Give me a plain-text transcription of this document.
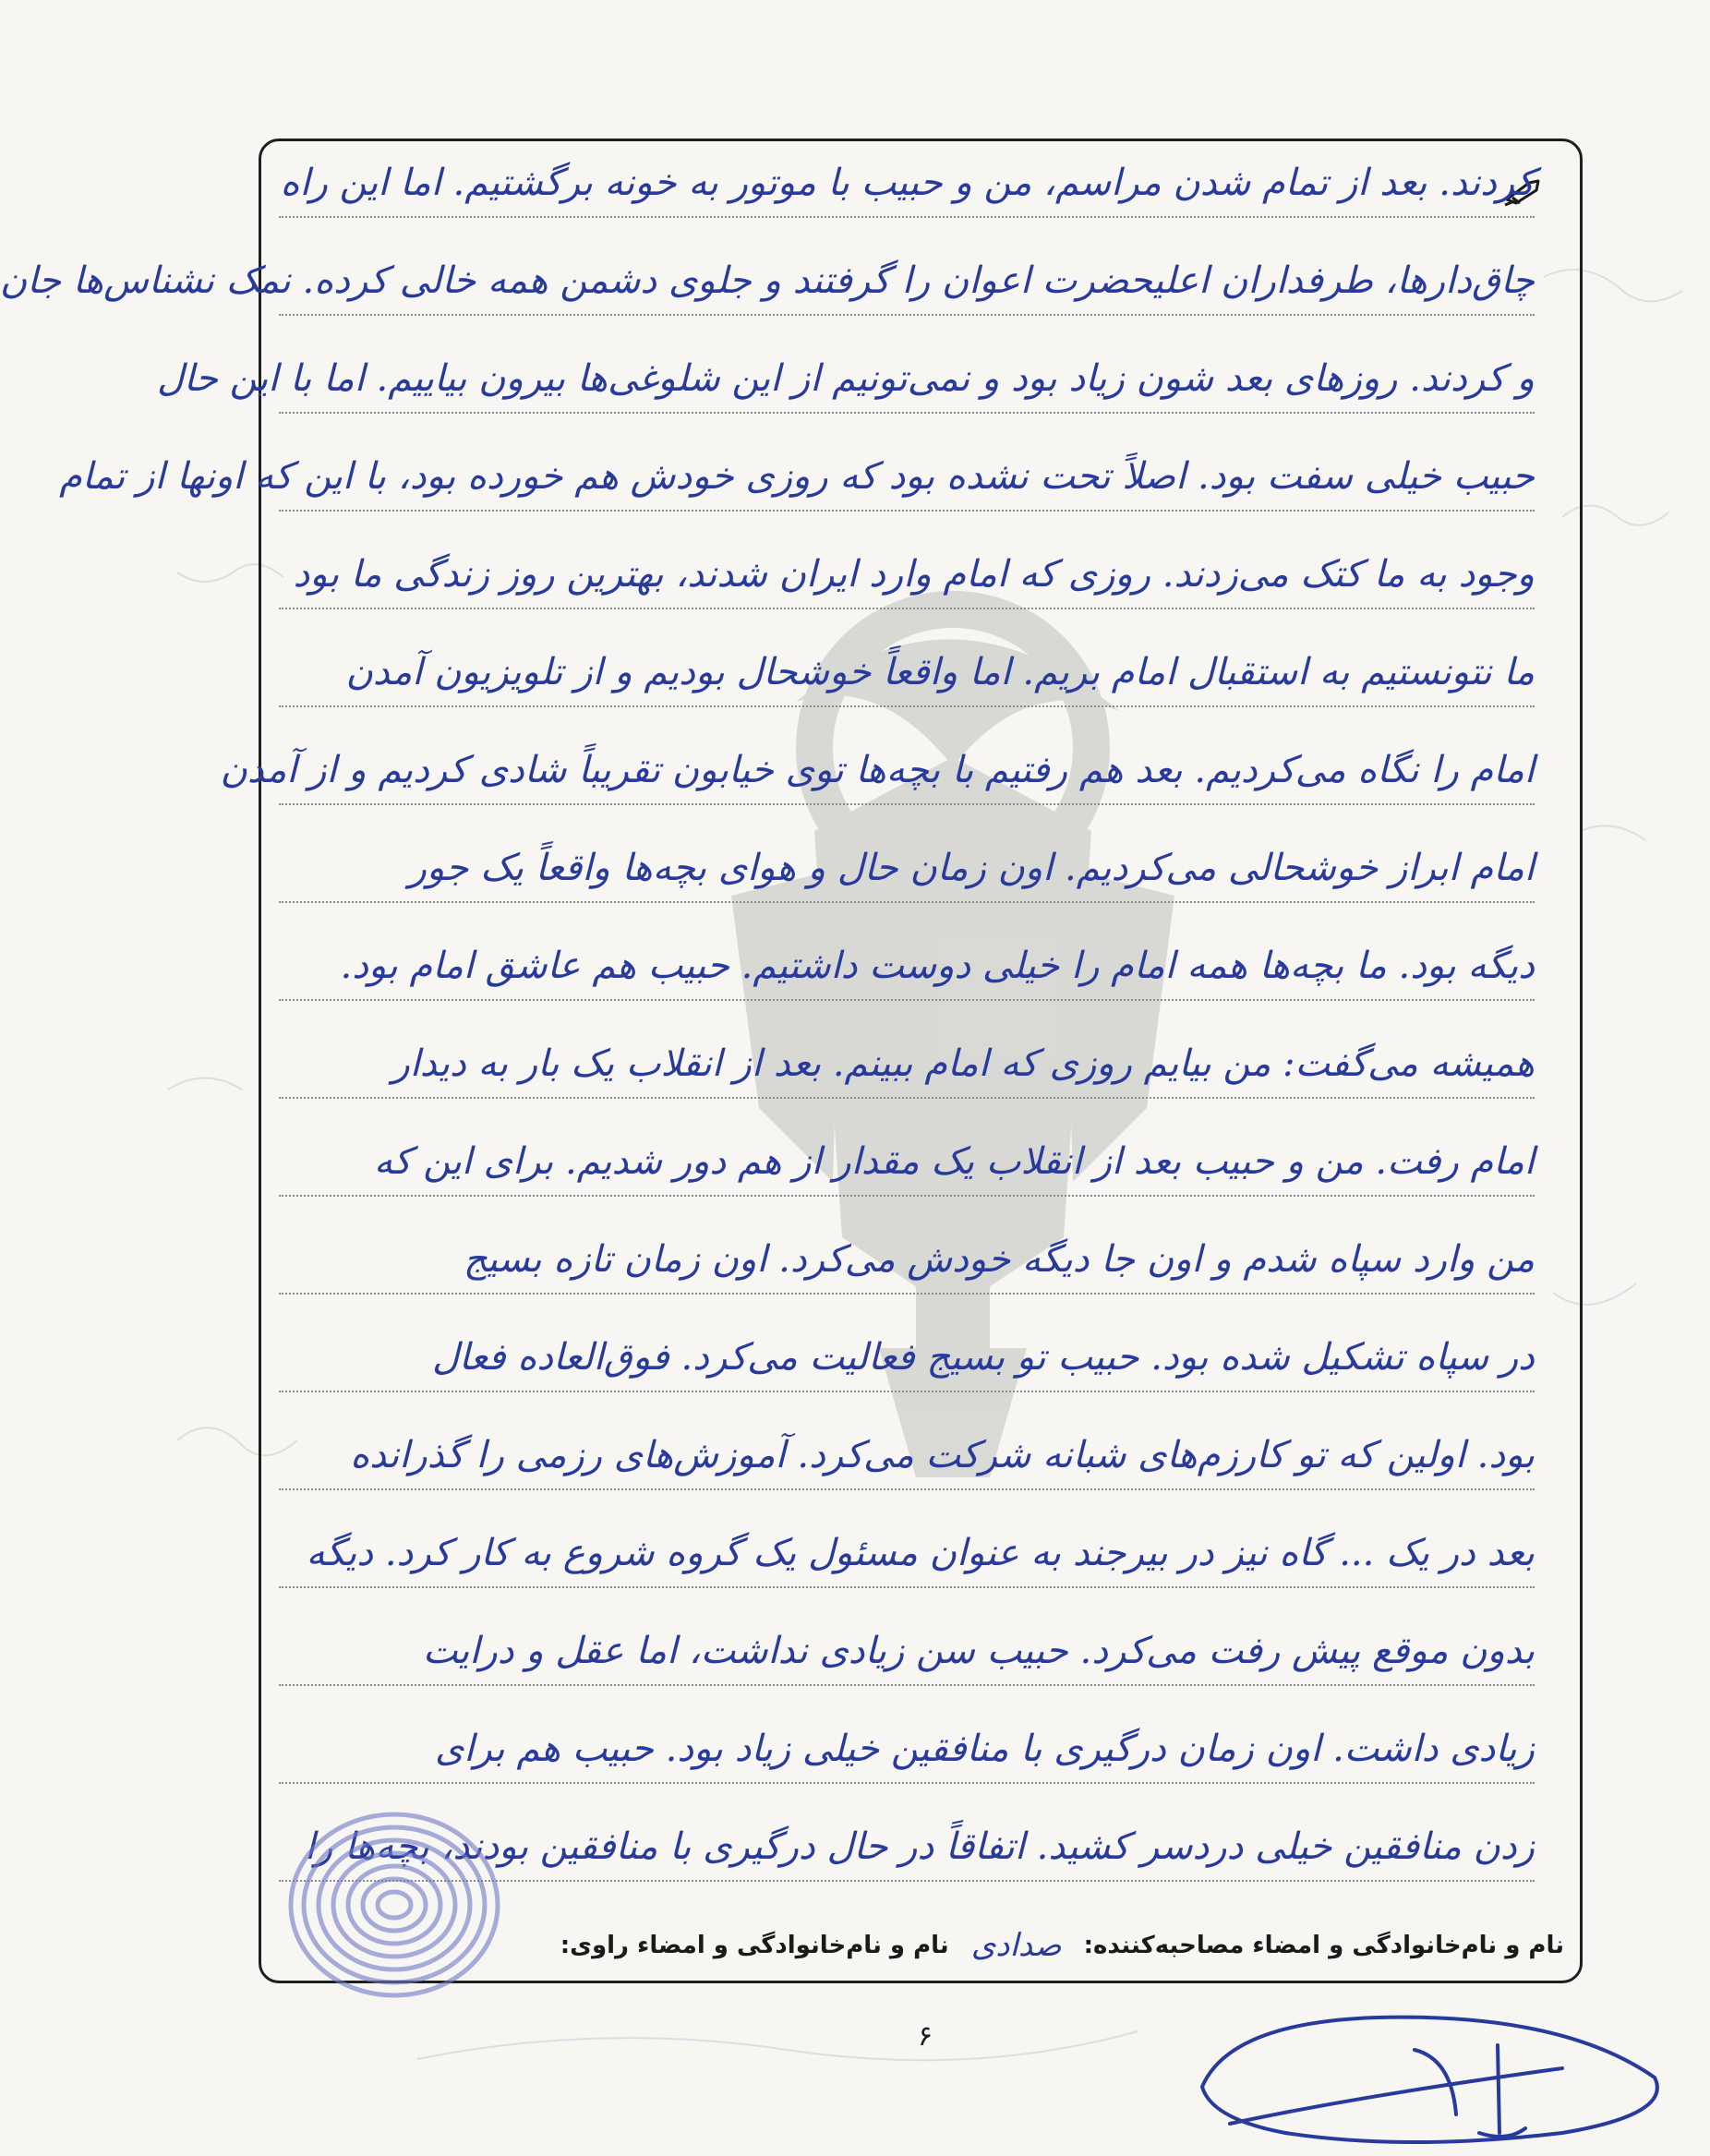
کردند. بعد از تمام شدن مراسم، من و حبیب با موتور به خونه برگشتیم. اما این راه
چاق‌دارها، طرفداران اعلیحضرت اعوان را گرفتند و جلوی دشمن همه خالی کرده. نمک نشناس‌ها جان
و کردند. روزهای بعد شون زیاد بود و نمی‌تونیم از این شلوغی‌ها بیرون بیاییم. اما با این حال
حبیب خیلی سفت بود. اصلاً تحت نشده بود که روزی خودش هم خورده بود، با این که اونها از تمام
وجود به ما کتک می‌زدند. روزی که امام وارد ایران شدند، بهترین روز زندگی ما بود
ما نتونستیم به استقبال امام بریم. اما واقعاً خوشحال بودیم و از تلویزیون آمدن
امام را نگاه می‌کردیم. بعد هم رفتیم با بچه‌ها توی خیابون تقریباً شادی کردیم و از آمدن
امام ابراز خوشحالی می‌کردیم. اون زمان حال و هوای بچه‌ها واقعاً یک جور
دیگه بود. ما بچه‌ها همه امام را خیلی دوست داشتیم. حبیب هم عاشق امام بود.
همیشه می‌گفت: من بیایم روزی که امام ببینم. بعد از انقلاب یک بار به دیدار
امام رفت. من و حبیب بعد از انقلاب یک مقدار از هم دور شدیم. برای این که
من وارد سپاه شدم و اون جا دیگه خودش می‌کرد. اون زمان تازه بسیج
در سپاه تشکیل شده بود. حبیب تو بسیج فعالیت می‌کرد. فوق‌العاده فعال
بود. اولین که تو کارزم‌های شبانه شرکت می‌کرد. آموزش‌های رزمی را گذرانده
بعد در یک ... گاه نیز در بیرجند به عنوان مسئول یک گروه شروع به کار کرد. دیگه
بدون موقع پیش رفت می‌کرد. حبیب سن زیادی نداشت، اما عقل و درایت
زیادی داشت. اون زمان درگیری با منافقین خیلی زیاد بود. حبیب هم برای
زدن منافقین خیلی دردسر کشید. اتفاقاً در حال درگیری با منافقین بودند، بچه‌ها را
نام و نام‌خانوادگی و امضاء مصاحبه‌کننده:
صدادی
نام و نام‌خانوادگی و امضاء راوی:
۶
